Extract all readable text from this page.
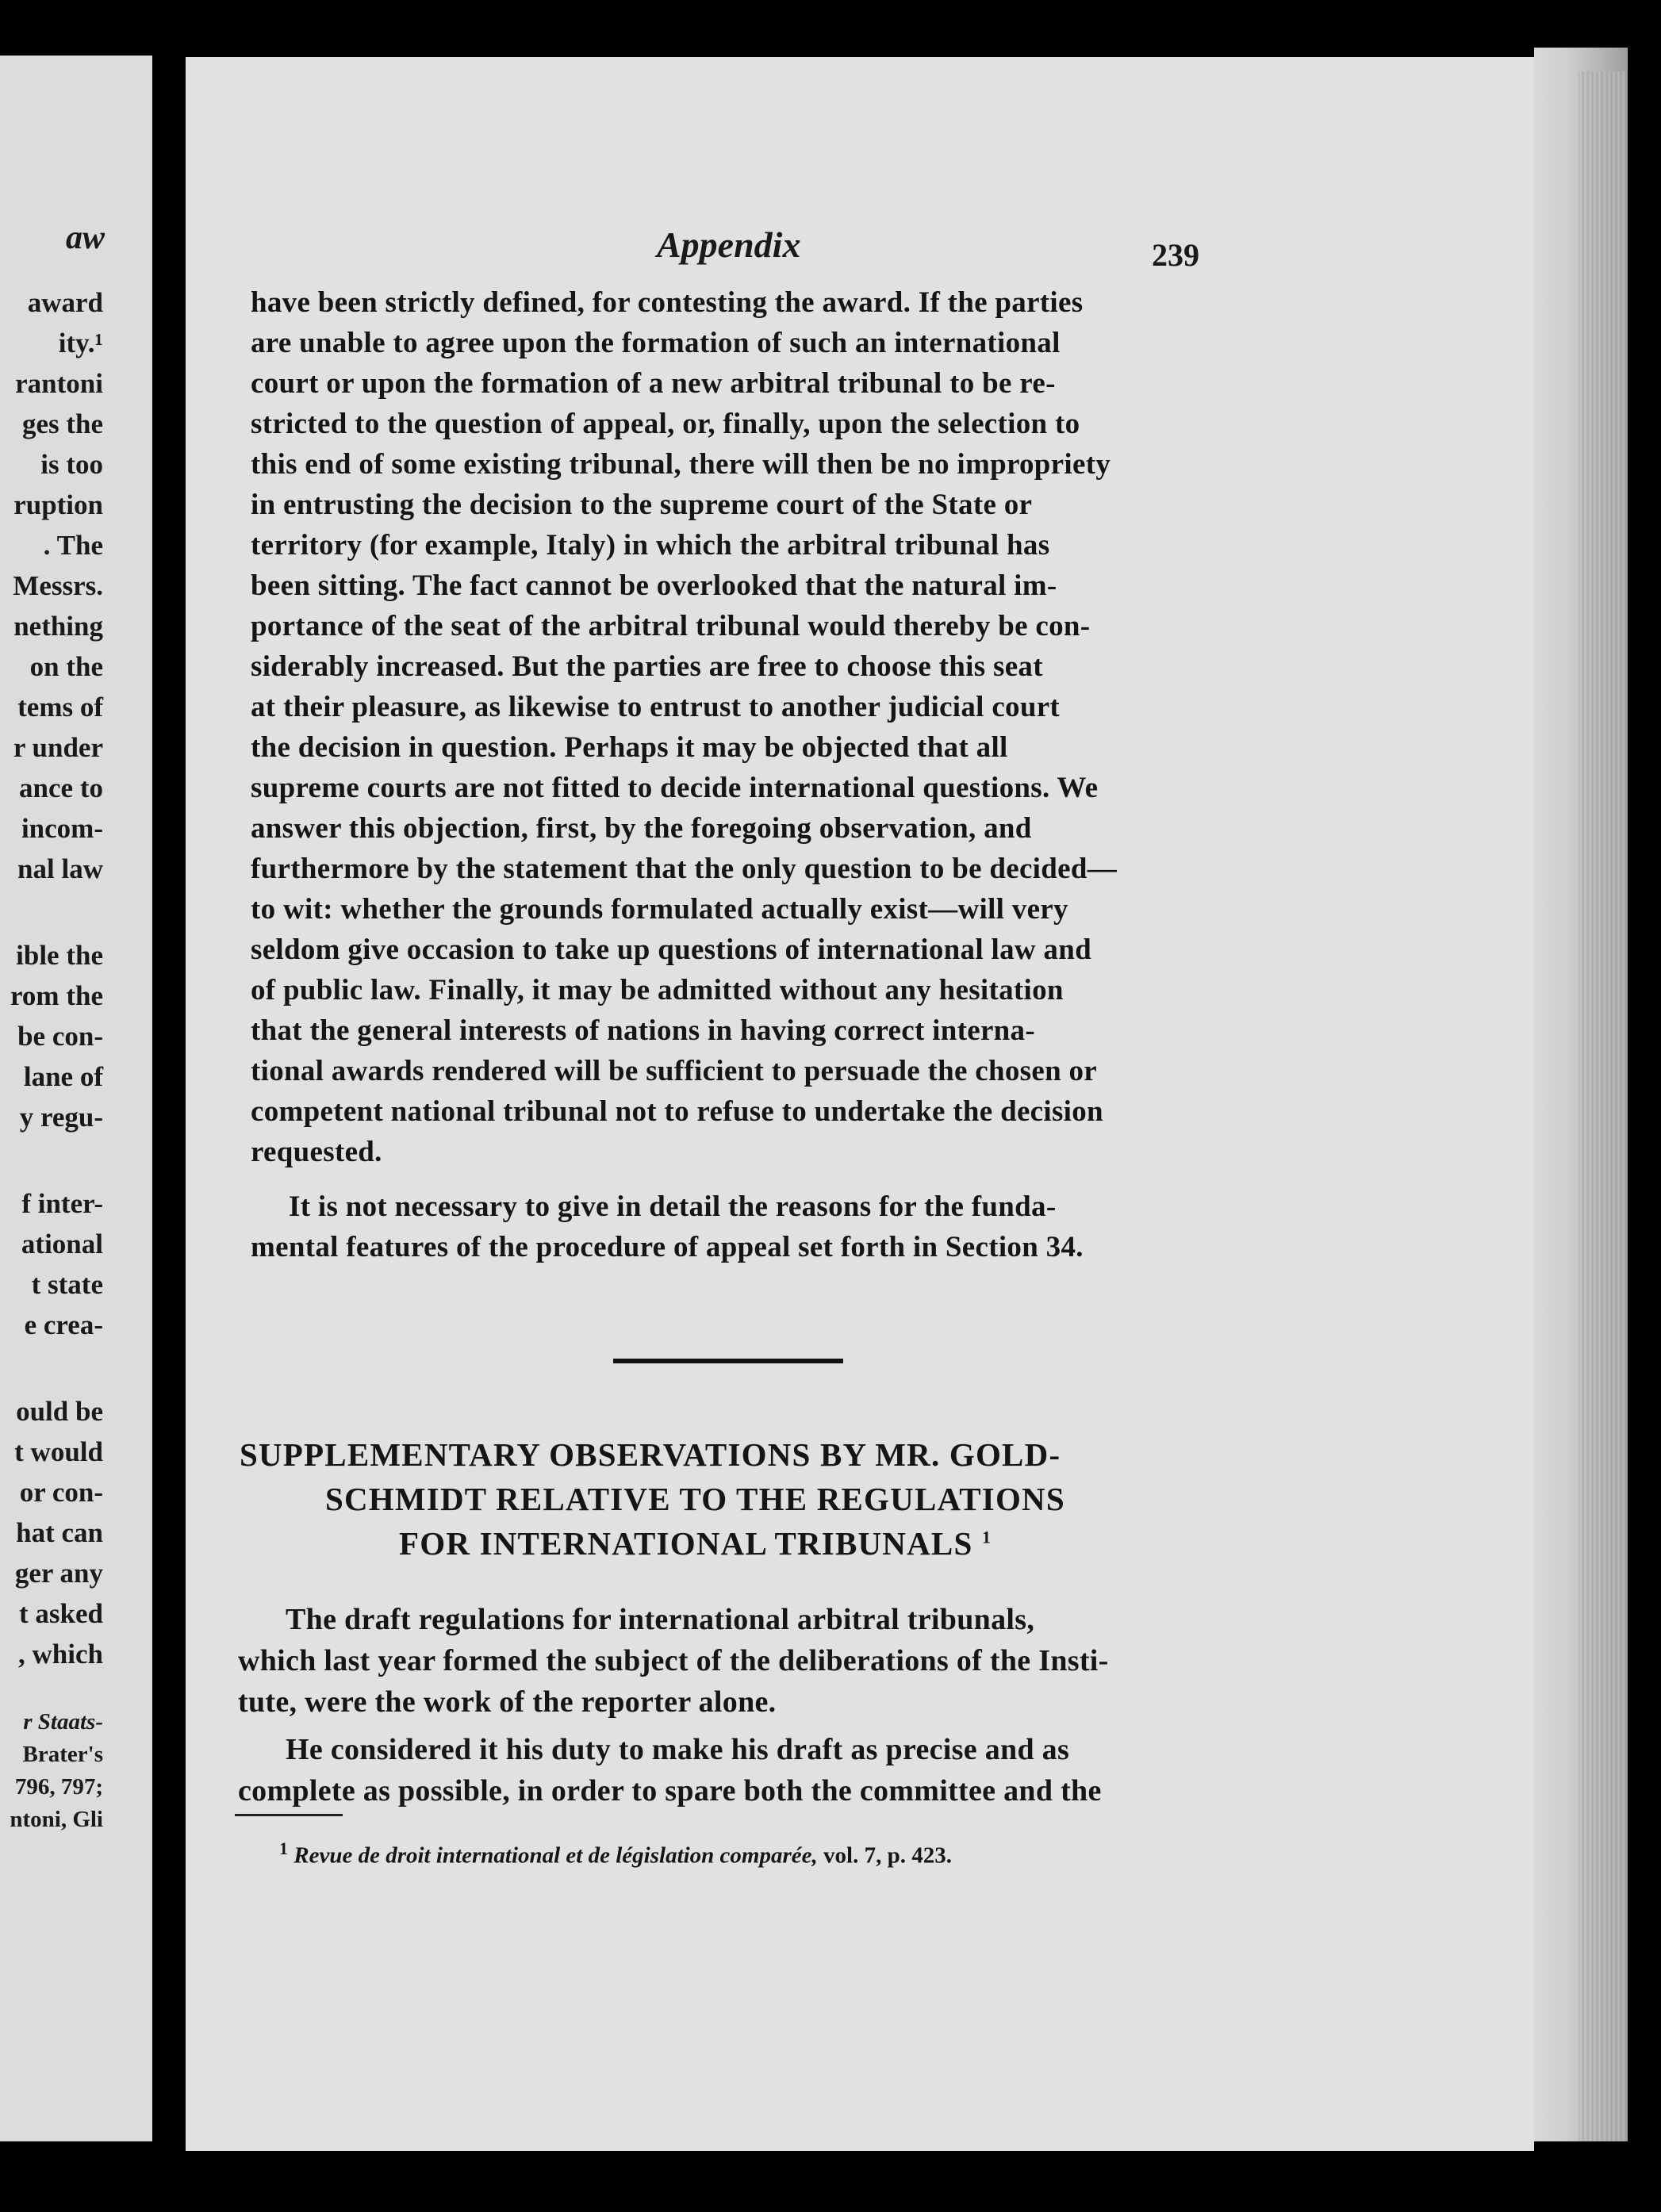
aw
award
ity.¹
rantoni
ges the
is too
ruption
. The
Messrs.
nething
on the
tems of
r under
ance to
incom-
nal law
ible the
rom the
be con-
lane of
y regu-
f inter-
ational
t state
e crea-
ould be
t would
or con-
hat can
ger any
t asked
, which
r Staats-
Brater's
796, 797;
ntoni, Gli
Appendix	239
have been strictly defined, for contesting the award. If the parties
are unable to agree upon the formation of such an international
court or upon the formation of a new arbitral tribunal to be re-
stricted to the question of appeal, or, finally, upon the selection to
this end of some existing tribunal, there will then be no impropriety
in entrusting the decision to the supreme court of the State or
territory (for example, Italy) in which the arbitral tribunal has
been sitting. The fact cannot be overlooked that the natural im-
portance of the seat of the arbitral tribunal would thereby be con-
siderably increased. But the parties are free to choose this seat
at their pleasure, as likewise to entrust to another judicial court
the decision in question. Perhaps it may be objected that all
supreme courts are not fitted to decide international questions. We
answer this objection, first, by the foregoing observation, and
furthermore by the statement that the only question to be decided—
to wit: whether the grounds formulated actually exist—will very
seldom give occasion to take up questions of international law and
of public law. Finally, it may be admitted without any hesitation
that the general interests of nations in having correct interna-
tional awards rendered will be sufficient to persuade the chosen or
competent national tribunal not to refuse to undertake the decision
requested.
It is not necessary to give in detail the reasons for the funda-
mental features of the procedure of appeal set forth in Section 34.
SUPPLEMENTARY OBSERVATIONS BY MR. GOLD-
SCHMIDT RELATIVE TO THE REGULATIONS
FOR INTERNATIONAL TRIBUNALS $^1$
The draft regulations for international arbitral tribunals,
which last year formed the subject of the deliberations of the Insti-
tute, were the work of the reporter alone.
He considered it his duty to make his draft as precise and as
complete as possible, in order to spare both the committee and the
$^1$ Revue de droit international et de législation comparée, vol. 7, p. 423.
